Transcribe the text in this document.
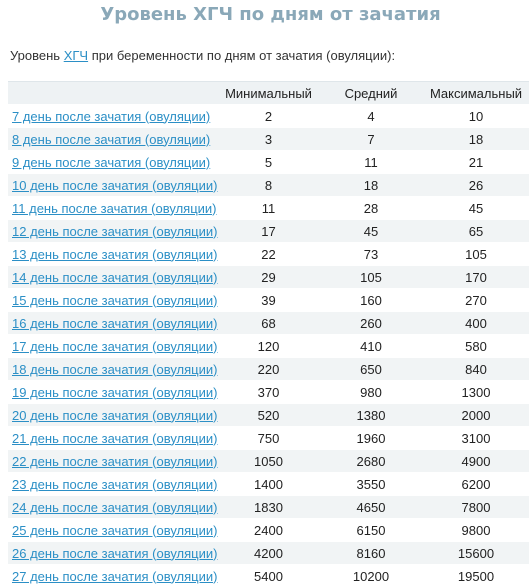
Уровень ХГЧ по дням от зачатия
Уровень ХГЧ при беременности по дням от зачатия (овуляции):
	Минимальный	Средний	Максимальный
7 день после зачатия (овуляции)	2	4	10
8 день после зачатия (овуляции)	3	7	18
9 день после зачатия (овуляции)	5	11	21
10 день после зачатия (овуляции)	8	18	26
11 день после зачатия (овуляции)	11	28	45
12 день после зачатия (овуляции)	17	45	65
13 день после зачатия (овуляции)	22	73	105
14 день после зачатия (овуляции)	29	105	170
15 день после зачатия (овуляции)	39	160	270
16 день после зачатия (овуляции)	68	260	400
17 день после зачатия (овуляции)	120	410	580
18 день после зачатия (овуляции)	220	650	840
19 день после зачатия (овуляции)	370	980	1300
20 день после зачатия (овуляции)	520	1380	2000
21 день после зачатия (овуляции)	750	1960	3100
22 день после зачатия (овуляции)	1050	2680	4900
23 день после зачатия (овуляции)	1400	3550	6200
24 день после зачатия (овуляции)	1830	4650	7800
25 день после зачатия (овуляции)	2400	6150	9800
26 день после зачатия (овуляции)	4200	8160	15600
27 день после зачатия (овуляции)	5400	10200	19500
